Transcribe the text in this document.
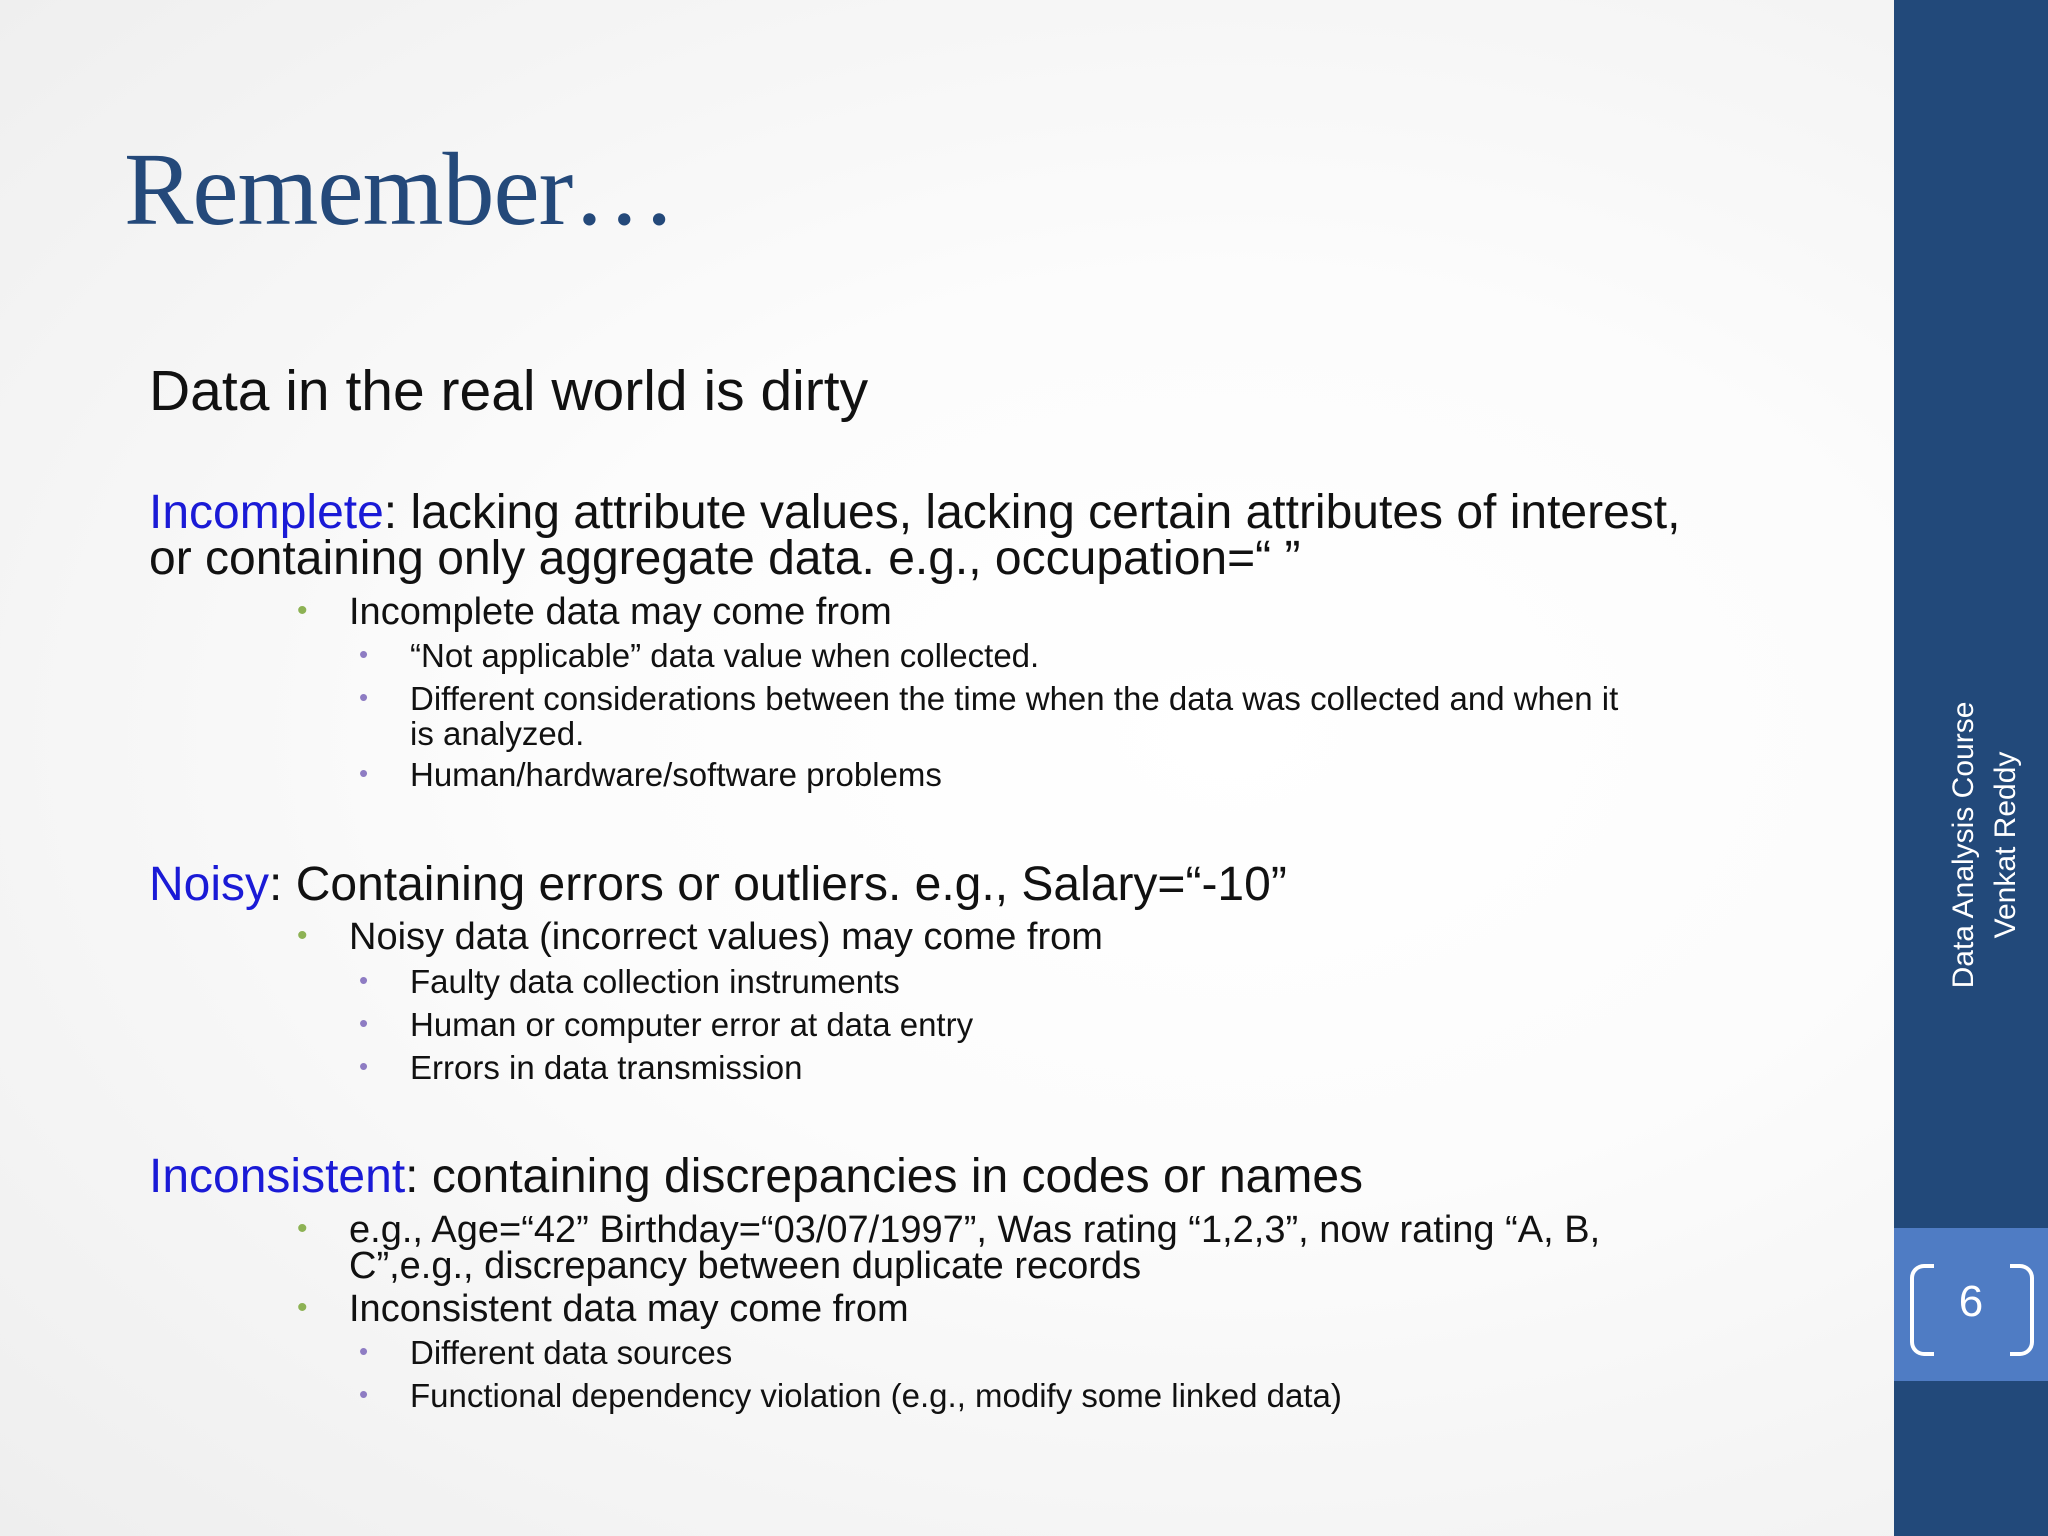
Remember…
Data in the real world is dirty
Incomplete: lacking attribute values, lacking certain attributes of interest,
or containing only aggregate data. e.g., occupation=“ ”
• Incomplete data may come from
• “Not applicable” data value when collected.
• Different considerations between the time when the data was collected and when it
is analyzed.
• Human/hardware/software problems
Noisy: Containing errors or outliers. e.g., Salary=“-10”
• Noisy data (incorrect values) may come from
• Faulty data collection instruments
• Human or computer error at data entry
• Errors in data transmission
Inconsistent: containing discrepancies in codes or names
• e.g., Age=“42” Birthday=“03/07/1997”, Was rating “1,2,3”, now rating “A, B,
C”,e.g., discrepancy between duplicate records
• Inconsistent data may come from
• Different data sources
• Functional dependency violation (e.g., modify some linked data)
Data Analysis Course Venkat Reddy
6
